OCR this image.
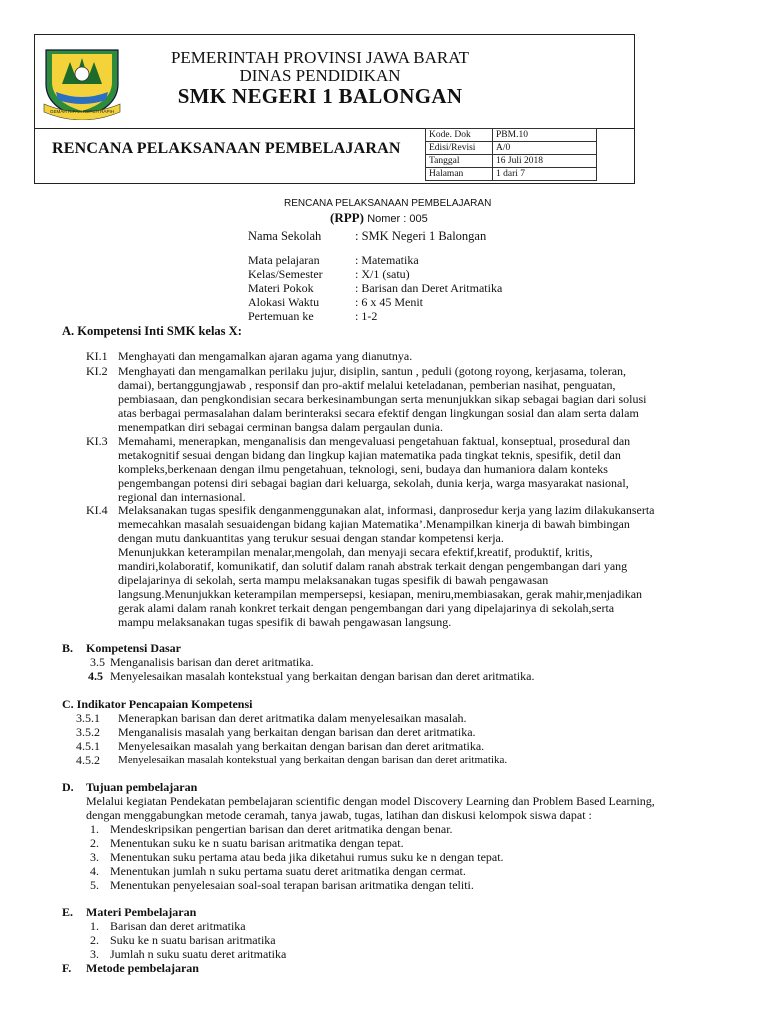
GEMAH RIPAH REPEH RAPIH
PEMERINTAH PROVINSI JAWA BARAT
DINAS PENDIDIKAN
SMK NEGERI 1 BALONGAN
RENCANA PELAKSANAAN PEMBELAJARAN
Kode. Dok	PBM.10
Edisi/Revisi	A/0
Tanggal	16 Juli 2018
Halaman	1 dari 7
RENCANA PELAKSANAAN PEMBELAJARAN
(RPP) Nomer : 005
Nama Sekolah	: SMK Negeri 1 Balongan
Mata pelajaran	: Matematika
Kelas/Semester	: X/1 (satu)
Materi Pokok	: Barisan dan Deret Aritmatika
Alokasi Waktu	: 6 x 45 Menit
Pertemuan ke	: 1-2
A. Kompetensi Inti SMK kelas X:
KI.1 Menghayati dan mengamalkan ajaran agama yang dianutnya.
KI.2 Menghayati dan mengamalkan perilaku jujur, disiplin, santun , peduli (gotong royong, kerjasama, toleran,
damai), bertanggungjawab , responsif dan pro-aktif melalui keteladanan, pemberian nasihat, penguatan,
pembiasaan, dan pengkondisian secara berkesinambungan serta menunjukkan sikap sebagai bagian dari solusi
atas berbagai permasalahan dalam berinteraksi secara efektif dengan lingkungan sosial dan alam serta dalam
menempatkan diri sebagai cerminan bangsa dalam pergaulan dunia.
KI.3 Memahami, menerapkan, menganalisis dan mengevaluasi pengetahuan faktual, konseptual, prosedural dan
metakognitif sesuai dengan bidang dan lingkup kajian matematika pada tingkat teknis, spesifik, detil dan
kompleks,berkenaan dengan ilmu pengetahuan, teknologi, seni, budaya dan humaniora dalam konteks
pengembangan potensi diri sebagai bagian dari keluarga, sekolah, dunia kerja, warga masyarakat nasional,
regional dan internasional.
KI.4 Melaksanakan tugas spesifik denganmenggunakan alat, informasi, danprosedur kerja yang lazim dilakukanserta
memecahkan masalah sesuaidengan bidang kajian Matematika’.Menampilkan kinerja di bawah bimbingan
dengan mutu dankuantitas yang terukur sesuai dengan standar kompetensi kerja.
Menunjukkan keterampilan menalar,mengolah, dan menyaji secara efektif,kreatif, produktif, kritis,
mandiri,kolaboratif, komunikatif, dan solutif dalam ranah abstrak terkait dengan pengembangan dari yang
dipelajarinya di sekolah, serta mampu melaksanakan tugas spesifik di bawah pengawasan
langsung.Menunjukkan keterampilan mempersepsi, kesiapan, meniru,membiasakan, gerak mahir,menjadikan
gerak alami dalam ranah konkret terkait dengan pengembangan dari yang dipelajarinya di sekolah,serta
mampu melaksanakan tugas spesifik di bawah pengawasan langsung.
B. Kompetensi Dasar
3.5 Menganalisis barisan dan deret aritmatika.
4.5 Menyelesaikan masalah kontekstual yang berkaitan dengan barisan dan deret aritmatika.
C. Indikator Pencapaian Kompetensi
3.5.1 Menerapkan barisan dan deret aritmatika dalam menyelesaikan masalah.
3.5.2 Menganalisis masalah yang berkaitan dengan barisan dan deret aritmatika.
4.5.1 Menyelesaikan masalah yang berkaitan dengan barisan dan deret aritmatika.
4.5.2 Menyelesaikan masalah kontekstual yang berkaitan dengan barisan dan deret aritmatika.
D. Tujuan pembelajaran
Melalui kegiatan Pendekatan pembelajaran scientific dengan model Discovery Learning dan Problem Based Learning,
dengan menggabungkan metode ceramah, tanya jawab, tugas, latihan dan diskusi kelompok siswa dapat :
1. Mendeskripsikan pengertian barisan dan deret aritmatika dengan benar.
2. Menentukan suku ke n suatu barisan aritmatika dengan tepat.
3. Menentukan suku pertama atau beda jika diketahui rumus suku ke n dengan tepat.
4. Menentukan jumlah n suku pertama suatu deret aritmatika dengan cermat.
5. Menentukan penyelesaian soal-soal terapan barisan aritmatika dengan teliti.
E. Materi Pembelajaran
1. Barisan dan deret aritmatika
2. Suku ke n suatu barisan aritmatika
3. Jumlah n suku suatu deret aritmatika
F. Metode pembelajaran
